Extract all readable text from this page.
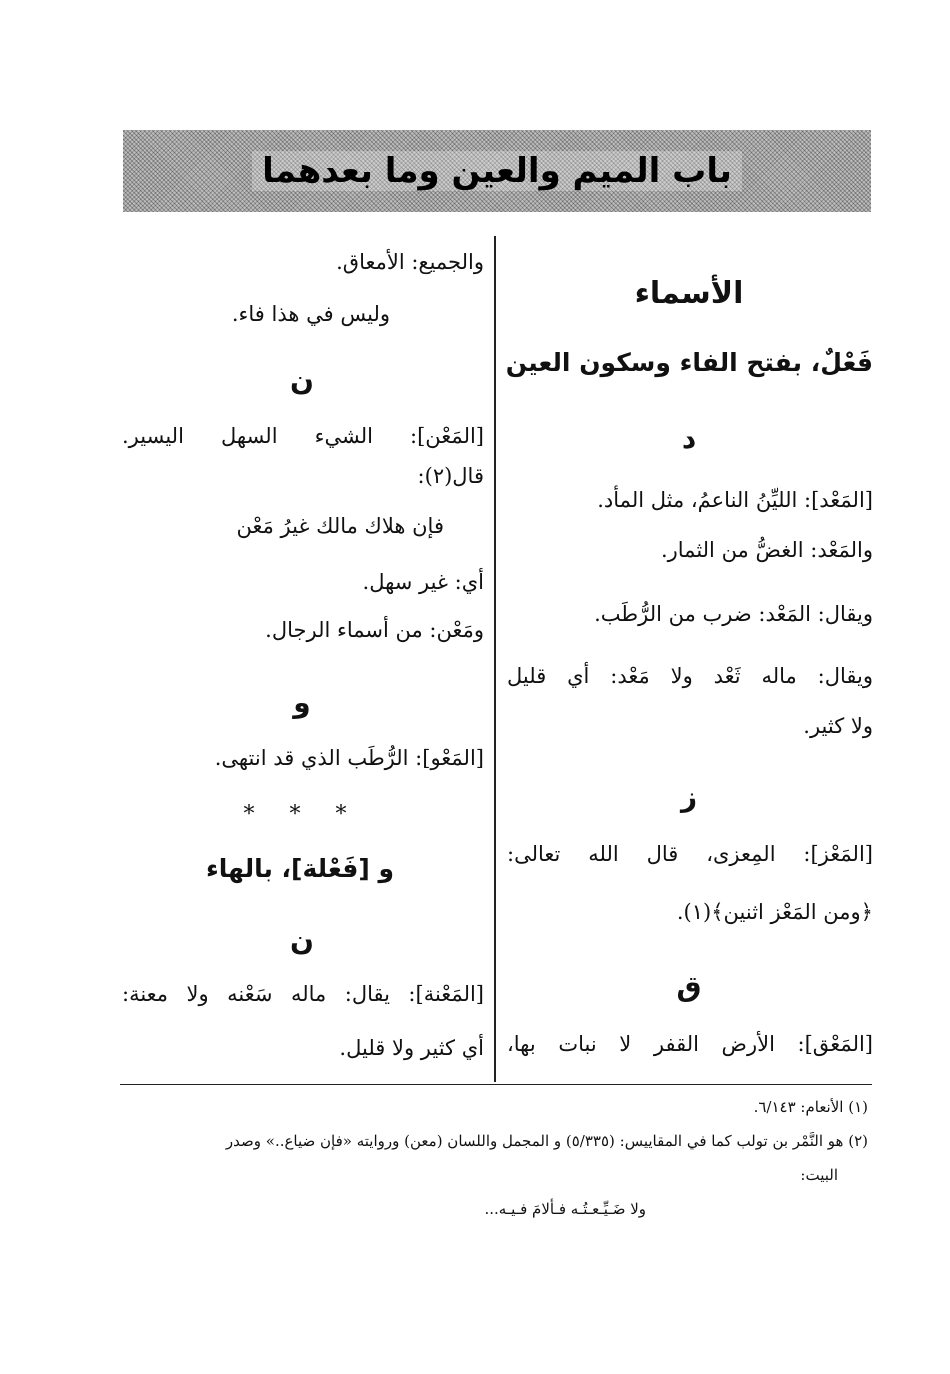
باب الميم والعين وما بعدهما
الأسماء
فَعْلٌ، بفتح الفاء وسكون العين
د
[المَعْد]: الليِّنُ الناعمُ، مثل المأد.
والمَعْد: الغضُّ من الثمار.
ويقال: المَعْد: ضرب من الرُّطَب.
ويقال: ماله ثَعْد ولا مَعْد: أي قليل
ولا كثير.
ز
[المَعْز]: المِعزى، قال الله تعالى:
﴿ومن المَعْز اثنين﴾(١).
ق
[المَعْق]: الأرض القفر لا نبات بها،
والجميع: الأمعاق.
وليس في هذا فاء.
ن
[المَعْن]: الشيء السهل اليسير.
قال(٢):
فإن هلاك مالك غيرُ مَعْن
أي: غير سهل.
ومَعْن: من أسماء الرجال.
و
[المَعْو]: الرُّطَب الذي قد انتهى.
* * *
و [فَعْلة]، بالهاء
ن
[المَعْنة]: يقال: ماله سَعْنه ولا معنة:
أي كثير ولا قليل.
(١) الأنعام: ٦/١٤٣.
(٢) هو النَّمْر بن تولب كما في المقاييس: (٥/٣٣٥) و المجمل واللسان (معن) وروايته «فإن ضياع..» وصدر
البيت:
ولا ضَـيِّـعـتُـه فـألامَ فـيـه...
